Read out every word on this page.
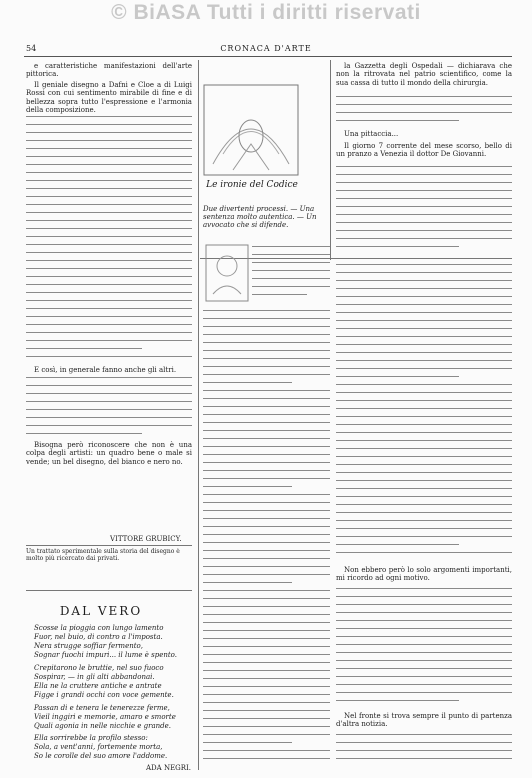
© BiASA Tutti i diritti riservati
54	CRONACA D'ARTE

e caratteristiche manifestazioni dell'arte pittorica.

Il geniale disegno a Dafni e Cloe a di Luigi Rossi con cui sentimento mirabile di fine e di bellezza sopra tutto l'espressione e l'armonia della composizione.

E così, in generale fanno anche gli altri.

Bisogna però riconoscere che non è una colpa degli artisti: un quadro bene o male si vende; un bel disegno, del bianco e nero no.

VITTORE GRUBICY.
Un trattato sperimentale sulla storia del disegno è molto più ricercato dai privati.
DAL VERO
Scosse la pioggia con lungo lamento
Fuor, nel buio, di contro a l'imposta.
Nera strugge soffiar fermento,
Sognar fuochi impuri... il lume è spento.
Crepitarono le bruttie, nel suo fuoco
Sospirar, — in gli alti abbandonai.
Ella ne la cruttere antiche e antrate
Figge i grandi occhi con voce gemente.
Passan di e tenera le tenerezze ferme,
Vieil inggiri e memorie, amaro e smorte
Quali agonia in nelle nicchie e grande.
Ella sorrirebbe la profilo stesso:
Sola, a vent'anni, fortemente morta,
So le corolle del suo amore l'addome.
ADA NEGRI.
Le ironie del Codice
Due divertenti processi. — Una sentenza molto autentica. — Un avvocato che si difende.

la Gazzetta degli Ospedali — dichiarava che non la ritrovata nel patrio scientifico, come la sua cassa di tutto il mondo della chirurgia.

Una pittaccia...

Il giorno 7 corrente del mese scorso, bello di un pranzo a Venezia il dottor De Giovanni.

Non ebbero però lo solo argomenti importanti, mi ricordo ad ogni motivo.

Nel fronte si trova sempre il punto di partenza d'altra notizia.
